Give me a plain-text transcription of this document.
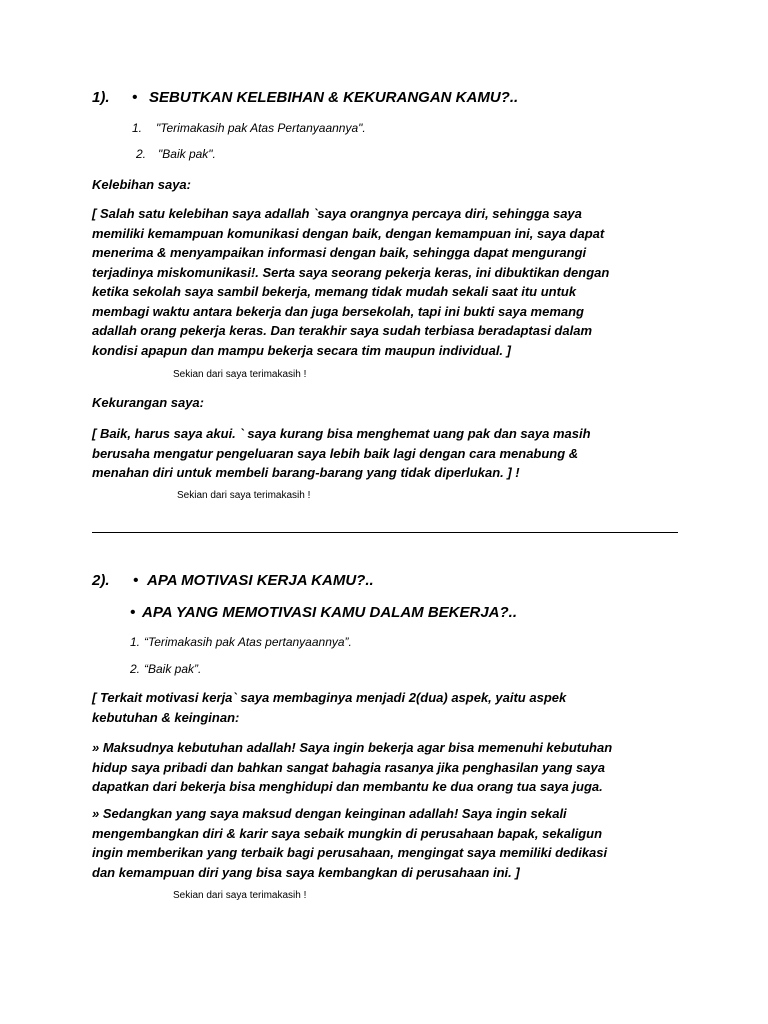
1). • SEBUTKAN KELEBIHAN & KEKURANGAN KAMU?..
1. "Terimakasih pak Atas Pertanyaannya".
2. "Baik pak".
Kelebihan saya:
[ Salah satu kelebihan saya adallah `saya orangnya percaya diri, sehingga saya
memiliki kemampuan komunikasi dengan baik, dengan kemampuan ini, saya dapat
menerima & menyampaikan informasi dengan baik, sehingga dapat mengurangi
terjadinya miskomunikasi!. Serta saya seorang pekerja keras, ini dibuktikan dengan
ketika sekolah saya sambil bekerja, memang tidak mudah sekali saat itu untuk
membagi waktu antara bekerja dan juga bersekolah, tapi ini bukti saya memang
adallah orang pekerja keras. Dan terakhir saya sudah terbiasa beradaptasi dalam
kondisi apapun dan mampu bekerja secara tim maupun individual. ]
Sekian dari saya terimakasih !
Kekurangan saya:
[ Baik, harus saya akui. ` saya kurang bisa menghemat uang pak dan saya masih
berusaha mengatur pengeluaran saya lebih baik lagi dengan cara menabung &
menahan diri untuk membeli barang-barang yang tidak diperlukan. ] !
Sekian dari saya terimakasih !
2). • APA MOTIVASI KERJA KAMU?..
• APA YANG MEMOTIVASI KAMU DALAM BEKERJA?..
1. “Terimakasih pak Atas pertanyaannya”.
2. “Baik pak”.
[ Terkait motivasi kerja` saya membaginya menjadi 2(dua) aspek, yaitu aspek
kebutuhan & keinginan:
» Maksudnya kebutuhan adallah! Saya ingin bekerja agar bisa memenuhi kebutuhan
hidup saya pribadi dan bahkan sangat bahagia rasanya jika penghasilan yang saya
dapatkan dari bekerja bisa menghidupi dan membantu ke dua orang tua saya juga.
» Sedangkan yang saya maksud dengan keinginan adallah! Saya ingin sekali
mengembangkan diri & karir saya sebaik mungkin di perusahaan bapak, sekaligun
ingin memberikan yang terbaik bagi perusahaan, mengingat saya memiliki dedikasi
dan kemampuan diri yang bisa saya kembangkan di perusahaan ini. ]
Sekian dari saya terimakasih !
